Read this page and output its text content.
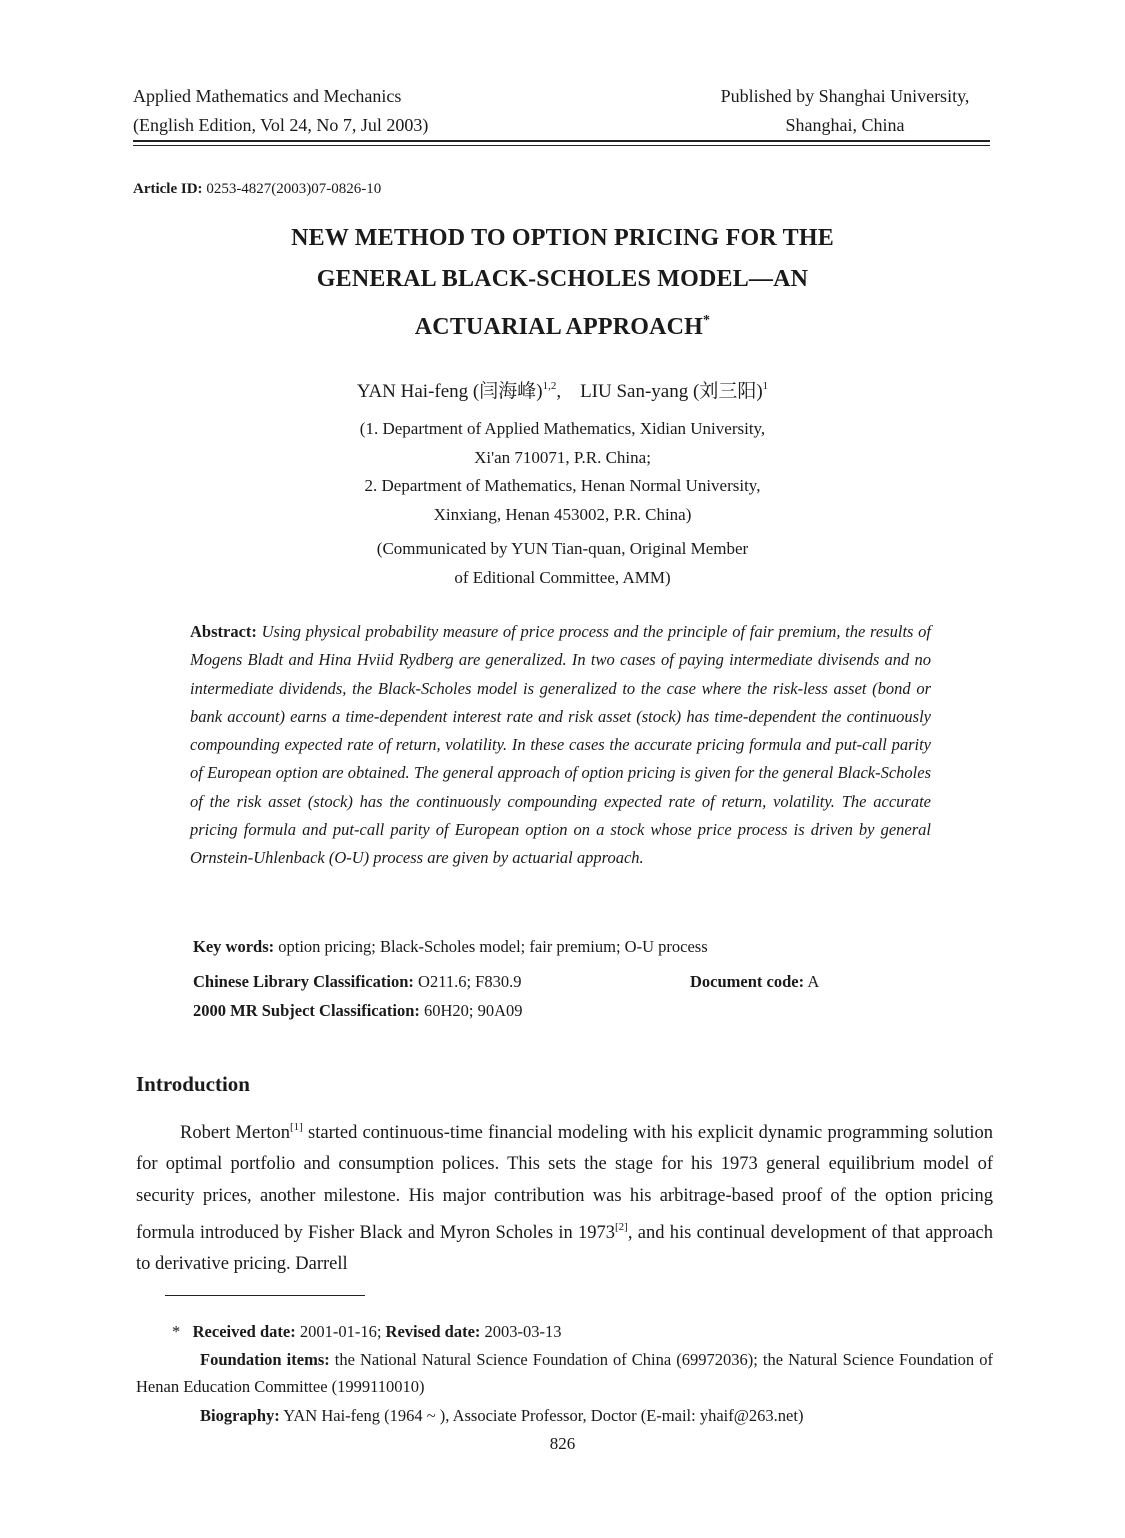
Applied Mathematics and Mechanics
(English Edition, Vol 24, No 7, Jul 2003)
Published by Shanghai University,
Shanghai, China
Article ID: 0253-4827(2003)07-0826-10
NEW METHOD TO OPTION PRICING FOR THE
GENERAL BLACK-SCHOLES MODEL—AN
ACTUARIAL APPROACH*
YAN Hai-feng (闫海峰)$^{1,2}$, LIU San-yang (刘三阳)$^1$
(1. Department of Applied Mathematics, Xidian University,
Xi'an 710071, P.R. China;
2. Department of Mathematics, Henan Normal University,
Xinxiang, Henan 453002, P.R. China)
(Communicated by YUN Tian-quan, Original Member
of Editional Committee, AMM)
Abstract: Using physical probability measure of price process and the principle of fair premium, the results of Mogens Bladt and Hina Hviid Rydberg are generalized. In two cases of paying intermediate divisends and no intermediate dividends, the Black-Scholes model is generalized to the case where the risk-less asset (bond or bank account) earns a time-dependent interest rate and risk asset (stock) has time-dependent the continuously compounding expected rate of return, volatility. In these cases the accurate pricing formula and put-call parity of European option are obtained. The general approach of option pricing is given for the general Black-Scholes of the risk asset (stock) has the continuously compounding expected rate of return, volatility. The accurate pricing formula and put-call parity of European option on a stock whose price process is driven by general Ornstein-Uhlenback (O-U) process are given by actuarial approach.
Key words: option pricing; Black-Scholes model; fair premium; O-U process
Chinese Library Classification: O211.6; F830.9	Document code: A
2000 MR Subject Classification: 60H20; 90A09
Introduction
Robert Merton[1] started continuous-time financial modeling with his explicit dynamic programming solution for optimal portfolio and consumption polices. This sets the stage for his 1973 general equilibrium model of security prices, another milestone. His major contribution was his arbitrage-based proof of the option pricing formula introduced by Fisher Black and Myron Scholes in 1973[2], and his continual development of that approach to derivative pricing. Darrell
* Received date: 2001-01-16; Revised date: 2003-03-13
Foundation items: the National Natural Science Foundation of China (69972036); the Natural Science Foundation of Henan Education Committee (1999110010)
Biography: YAN Hai-feng (1964 ~ ), Associate Professor, Doctor (E-mail: yhaif@263.net)
826
